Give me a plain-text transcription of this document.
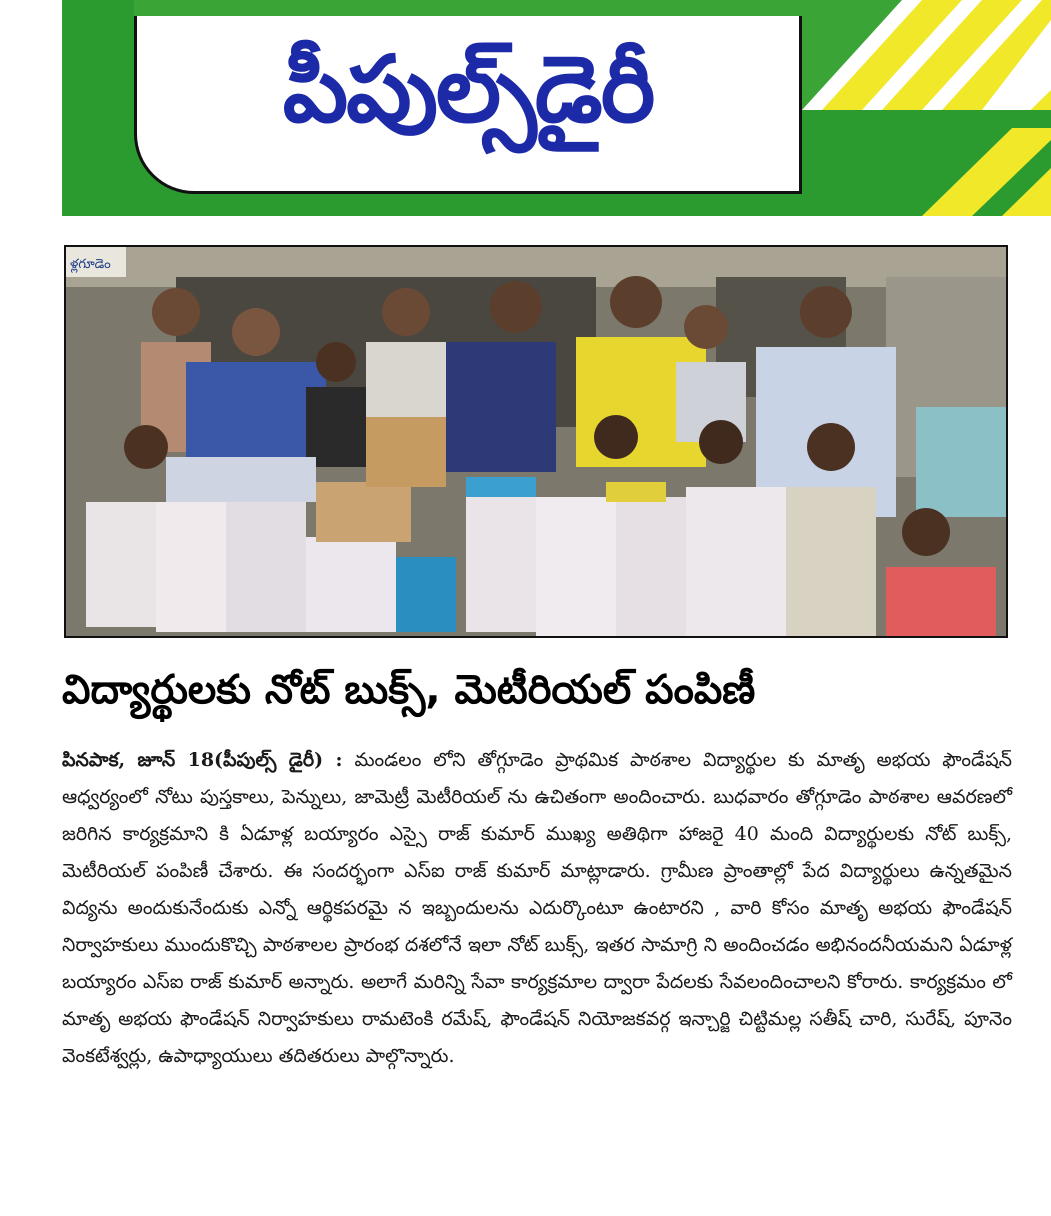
పీపుల్స్‌డైరీ
ళ్లగూడెం
విద్యార్థులకు నోట్ బుక్స్, మెటీరియల్ పంపిణీ
పినపాక, జూన్ 18(పీపుల్స్ డైరీ) : మండలం లోని తోగ్గూడెం ప్రాథమిక పాఠశాల విద్యార్థుల కు మాతృ అభయ ఫౌండేషన్ ఆధ్వర్యంలో నోటు పుస్తకాలు, పెన్నులు, జామెట్రీ మెటీరియల్ ను ఉచితంగా అందించారు. బుధవారం తోగ్గూడెం పాఠశాల ఆవరణలో జరిగిన కార్యక్రమాని కి ఏడూళ్ల బయ్యారం ఎస్సై రాజ్ కుమార్ ముఖ్య అతిథిగా హాజరై 40 మంది విద్యార్థులకు నోట్ బుక్స్, మెటీరియల్ పంపిణీ చేశారు. ఈ సందర్భంగా ఎస్ఐ రాజ్ కుమార్ మాట్లాడారు. గ్రామీణ ప్రాంతాల్లో పేద విద్యార్థులు ఉన్నతమైన విద్యను అందుకునేందుకు ఎన్నో ఆర్థికపరమై న ఇబ్బందులను ఎదుర్కొంటూ ఉంటారని , వారి కోసం మాతృ అభయ ఫౌండేషన్ నిర్వాహకులు ముందుకొచ్చి పాఠశాలల ప్రారంభ దశలోనే ఇలా నోట్ బుక్స్, ఇతర సామాగ్రి ని అందించడం అభినందనీయమని ఏడూళ్ల బయ్యారం ఎస్ఐ రాజ్ కుమార్ అన్నారు. అలాగే మరిన్ని సేవా కార్యక్రమాల ద్వారా పేదలకు సేవలందించాలని కోరారు. కార్యక్రమం లో మాతృ అభయ ఫౌండేషన్ నిర్వాహకులు రామటెంకి రమేష్, ఫౌండేషన్ నియోజకవర్గ ఇన్చార్జి చిట్టిమల్ల సతీష్ చారి, సురేష్, పూనెం వెంకటేశ్వర్లు, ఉపాధ్యాయులు తదితరులు పాల్గొన్నారు.
